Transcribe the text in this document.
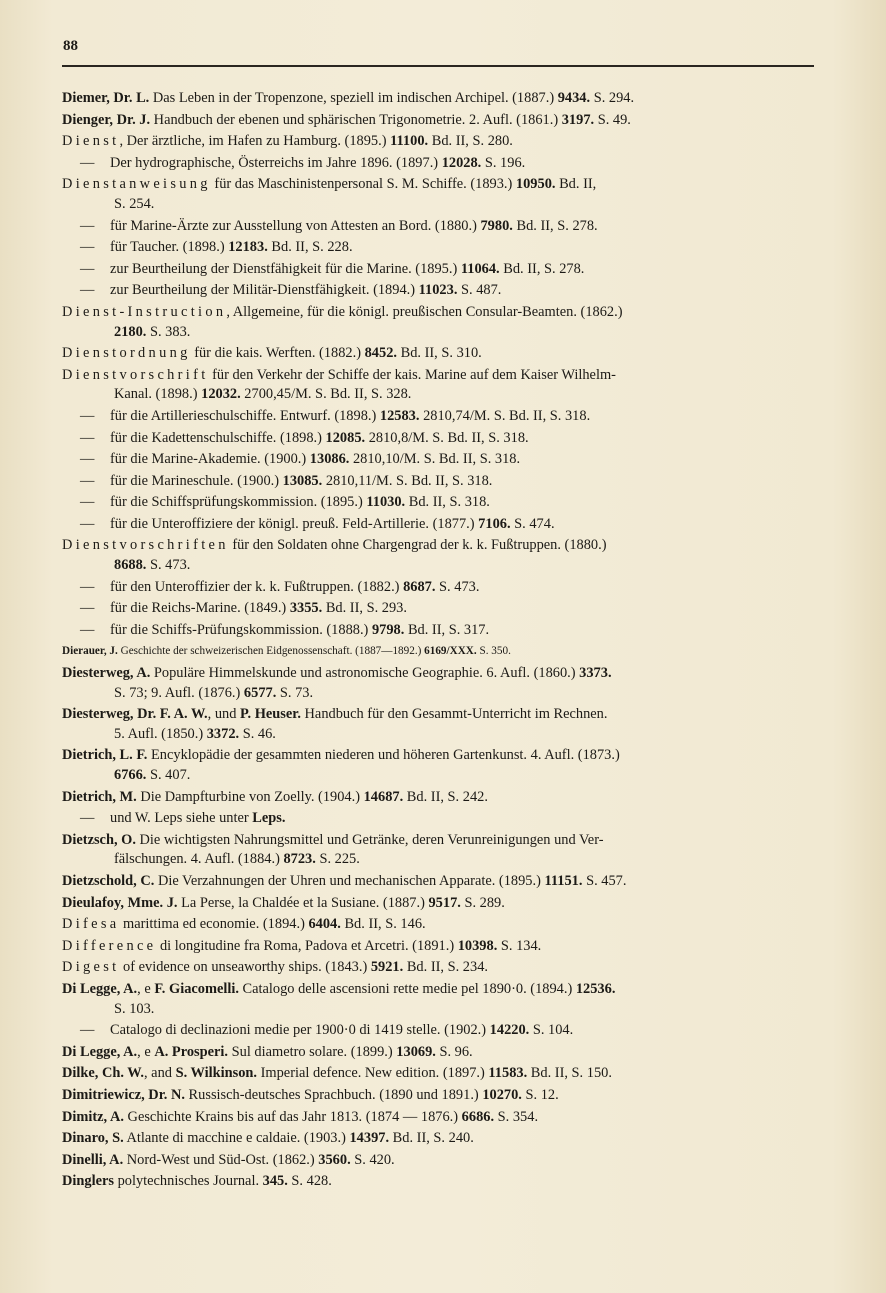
88
Diemer, Dr. L. Das Leben in der Tropenzone, speziell im indischen Archipel. (1887.) 9434. S. 294.
Dienger, Dr. J. Handbuch der ebenen und sphärischen Trigonometrie. 2. Aufl. (1861.) 3197. S. 49.
Dienst, Der ärztliche, im Hafen zu Hamburg. (1895.) 11100. Bd. II, S. 280.
— Der hydrographische, Österreichs im Jahre 1896. (1897.) 12028. S. 196.
Dienstanweisung für das Maschinistenpersonal S. M. Schiffe. (1893.) 10950. Bd. II,
S. 254.
— für Marine-Ärzte zur Ausstellung von Attesten an Bord. (1880.) 7980. Bd. II, S. 278.
— für Taucher. (1898.) 12183. Bd. II, S. 228.
— zur Beurtheilung der Dienstfähigkeit für die Marine. (1895.) 11064. Bd. II, S. 278.
— zur Beurtheilung der Militär-Dienstfähigkeit. (1894.) 11023. S. 487.
Dienst-Instruction, Allgemeine, für die königl. preußischen Consular-Beamten. (1862.)
2180. S. 383.
Dienstordnung für die kais. Werften. (1882.) 8452. Bd. II, S. 310.
Dienstvorschrift für den Verkehr der Schiffe der kais. Marine auf dem Kaiser Wilhelm-
Kanal. (1898.) 12032. 2700,45/M. S. Bd. II, S. 328.
— für die Artillerieschulschiffe. Entwurf. (1898.) 12583. 2810,74/M. S. Bd. II, S. 318.
— für die Kadettenschulschiffe. (1898.) 12085. 2810,8/M. S. Bd. II, S. 318.
— für die Marine-Akademie. (1900.) 13086. 2810,10/M. S. Bd. II, S. 318.
— für die Marineschule. (1900.) 13085. 2810,11/M. S. Bd. II, S. 318.
— für die Schiffsprüfungskommission. (1895.) 11030. Bd. II, S. 318.
— für die Unteroffiziere der königl. preuß. Feld-Artillerie. (1877.) 7106. S. 474.
Dienstvorschriften für den Soldaten ohne Chargengrad der k. k. Fußtruppen. (1880.)
8688. S. 473.
— für den Unteroffizier der k. k. Fußtruppen. (1882.) 8687. S. 473.
— für die Reichs-Marine. (1849.) 3355. Bd. II, S. 293.
— für die Schiffs-Prüfungskommission. (1888.) 9798. Bd. II, S. 317.
Dierauer, J. Geschichte der schweizerischen Eidgenossenschaft. (1887—1892.) 6169/XXX. S. 350.
Diesterweg, A. Populäre Himmelskunde und astronomische Geographie. 6. Aufl. (1860.) 3373.
S. 73; 9. Aufl. (1876.) 6577. S. 73.
Diesterweg, Dr. F. A. W., und P. Heuser. Handbuch für den Gesammt-Unterricht im Rechnen.
5. Aufl. (1850.) 3372. S. 46.
Dietrich, L. F. Encyklopädie der gesammten niederen und höheren Gartenkunst. 4. Aufl. (1873.)
6766. S. 407.
Dietrich, M. Die Dampfturbine von Zoelly. (1904.) 14687. Bd. II, S. 242.
— und W. Leps siehe unter Leps.
Dietzsch, O. Die wichtigsten Nahrungsmittel und Getränke, deren Verunreinigungen und Ver-
fälschungen. 4. Aufl. (1884.) 8723. S. 225.
Dietzschold, C. Die Verzahnungen der Uhren und mechanischen Apparate. (1895.) 11151. S. 457.
Dieulafoy, Mme. J. La Perse, la Chaldée et la Susiane. (1887.) 9517. S. 289.
Difesa marittima ed economie. (1894.) 6404. Bd. II, S. 146.
Difference di longitudine fra Roma, Padova et Arcetri. (1891.) 10398. S. 134.
Digest of evidence on unseaworthy ships. (1843.) 5921. Bd. II, S. 234.
Di Legge, A., e F. Giacomelli. Catalogo delle ascensioni rette medie pel 1890·0. (1894.) 12536.
S. 103.
— Catalogo di declinazioni medie per 1900·0 di 1419 stelle. (1902.) 14220. S. 104.
Di Legge, A., e A. Prosperi. Sul diametro solare. (1899.) 13069. S. 96.
Dilke, Ch. W., and S. Wilkinson. Imperial defence. New edition. (1897.) 11583. Bd. II, S. 150.
Dimitriewicz, Dr. N. Russisch-deutsches Sprachbuch. (1890 und 1891.) 10270. S. 12.
Dimitz, A. Geschichte Krains bis auf das Jahr 1813. (1874 — 1876.) 6686. S. 354.
Dinaro, S. Atlante di macchine e caldaie. (1903.) 14397. Bd. II, S. 240.
Dinelli, A. Nord-West und Süd-Ost. (1862.) 3560. S. 420.
Dinglers polytechnisches Journal. 345. S. 428.
